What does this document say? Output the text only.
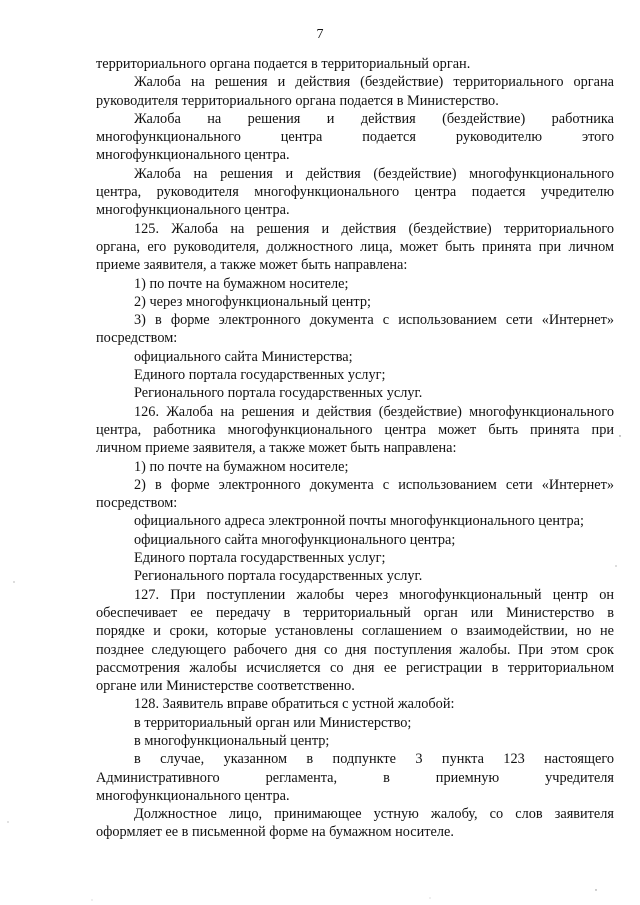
7
территориального органа подается в территориальный орган.
Жалоба на решения и действия (бездействие) территориального органа
руководителя территориального органа подается в Министерство.
Жалоба на решения и действия (бездействие) работника
многофункционального центра подается руководителю этого
многофункционального центра.
Жалоба на решения и действия (бездействие) многофункционального
центра, руководителя многофункционального центра подается учредителю
многофункционального центра.
125. Жалоба на решения и действия (бездействие) территориального
органа, его руководителя, должностного лица, может быть принята при личном
приеме заявителя, а также может быть направлена:
1) по почте на бумажном носителе;
2) через многофункциональный центр;
3) в форме электронного документа с использованием сети «Интернет»
посредством:
официального сайта Министерства;
Единого портала государственных услуг;
Регионального портала государственных услуг.
126. Жалоба на решения и действия (бездействие) многофункционального
центра, работника многофункционального центра может быть принята при
личном приеме заявителя, а также может быть направлена:
1) по почте на бумажном носителе;
2) в форме электронного документа с использованием сети «Интернет»
посредством:
официального адреса электронной почты многофункционального центра;
официального сайта многофункционального центра;
Единого портала государственных услуг;
Регионального портала государственных услуг.
127. При поступлении жалобы через многофункциональный центр он
обеспечивает ее передачу в территориальный орган или Министерство в
порядке и сроки, которые установлены соглашением о взаимодействии, но не
позднее следующего рабочего дня со дня поступления жалобы. При этом срок
рассмотрения жалобы исчисляется со дня ее регистрации в территориальном
органе или Министерстве соответственно.
128. Заявитель вправе обратиться с устной жалобой:
в территориальный орган или Министерство;
в многофункциональный центр;
в случае, указанном в подпункте 3 пункта 123 настоящего
Административного регламента, в приемную учредителя
многофункционального центра.
Должностное лицо, принимающее устную жалобу, со слов заявителя
оформляет ее в письменной форме на бумажном носителе.
